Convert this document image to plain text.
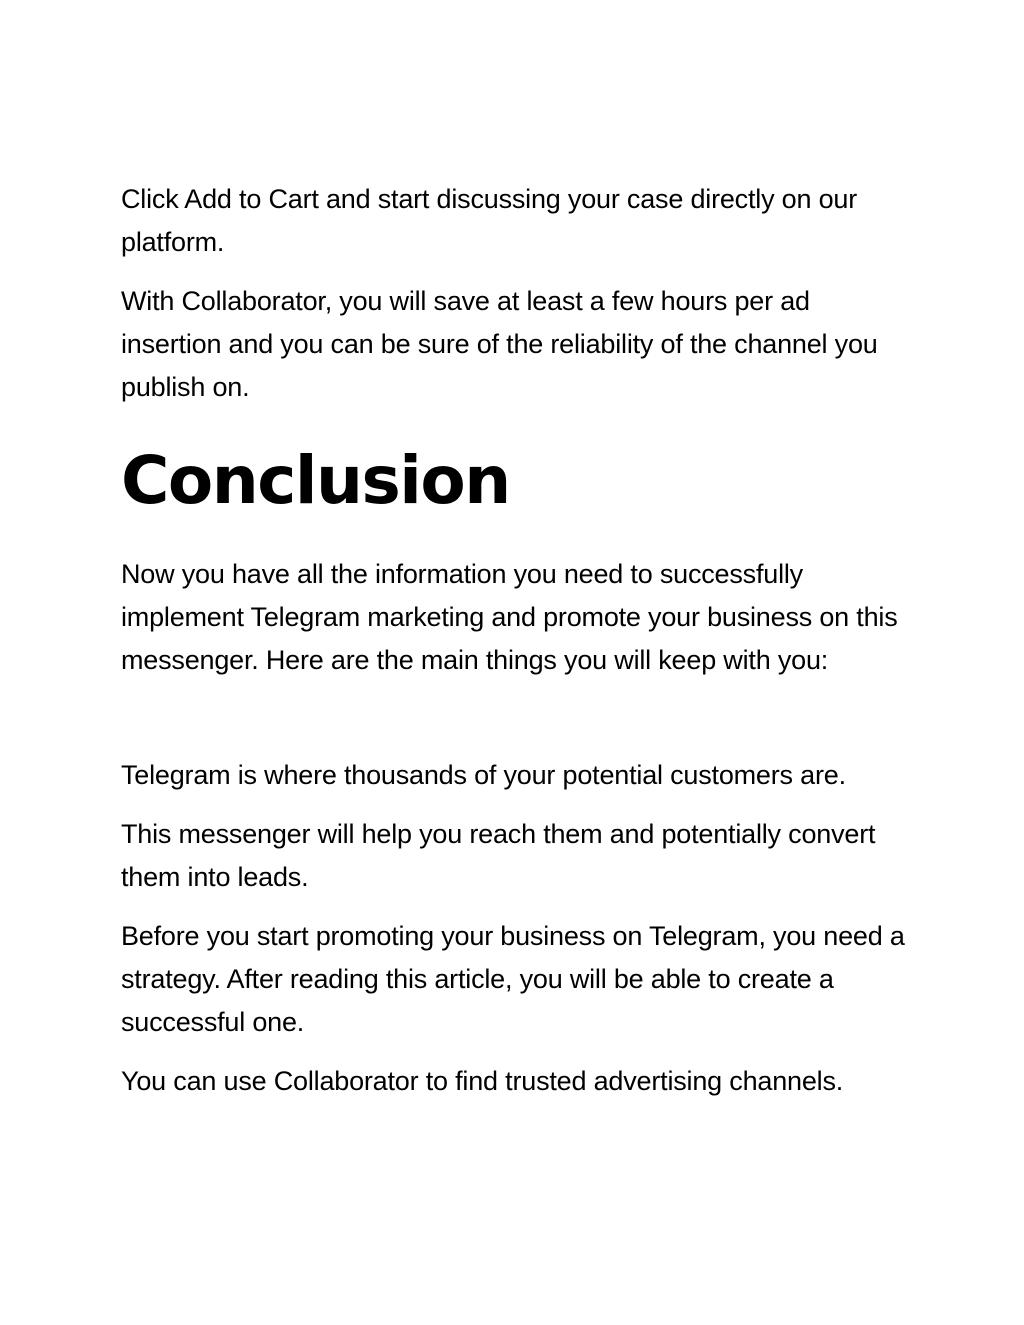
Click Add to Cart and start discussing your case directly on our platform.

With Collaborator, you will save at least a few hours per ad insertion and you can be sure of the reliability of the channel you publish on.

Conclusion

Now you have all the information you need to successfully implement Telegram marketing and promote your business on this messenger. Here are the main things you will keep with you:

Telegram is where thousands of your potential customers are.

This messenger will help you reach them and potentially convert them into leads.

Before you start promoting your business on Telegram, you need a strategy. After reading this article, you will be able to create a successful one.

You can use Collaborator to find trusted advertising channels.
